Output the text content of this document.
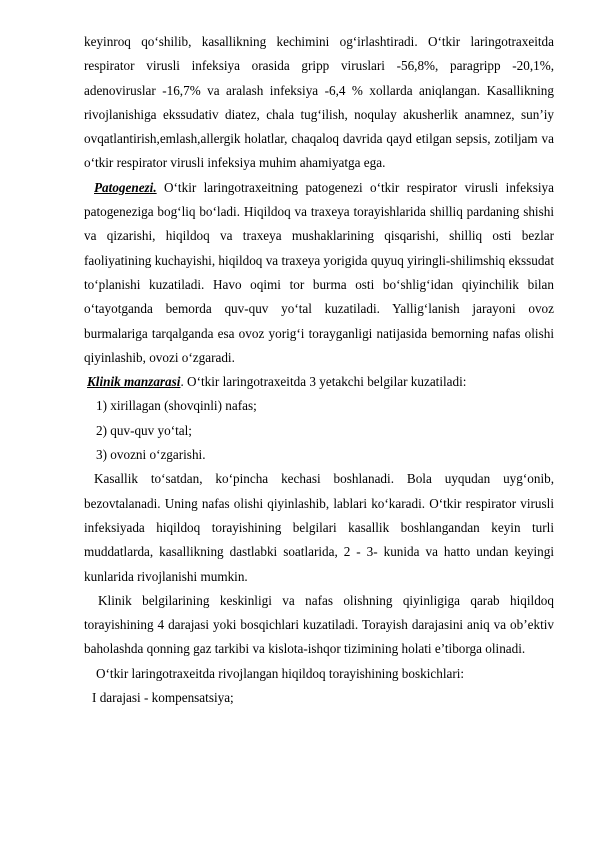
keyinroq qo‘shilib, kasallikning kechimini og‘irlashtiradi. O‘tkir laringotraxeitda respirator virusli infeksiya orasida gripp viruslari -56,8%, paragripp -20,1%, adenoviruslar -16,7% va aralash infeksiya -6,4 % xollarda aniqlangan. Kasallikning rivojlanishiga ekssudativ diatez, chala tug‘ilish, noqulay akusherlik anamnez, sun’iy ovqatlantirish,emlash,allergik holatlar, chaqaloq davrida qayd etilgan sepsis, zotiljam va o‘tkir respirator virusli infeksiya muhim ahamiyatga ega.

Patogenezi. O‘tkir laringotraxeitning patogenezi o‘tkir respirator virusli infeksiya patogeneziga bog‘liq bo‘ladi. Hiqildoq va traxeya torayishlarida shilliq pardaning shishi va qizarishi, hiqildoq va traxeya mushaklarining qisqarishi, shilliq osti bezlar faoliyatining kuchayishi, hiqildoq va traxeya yorigida quyuq yiringli-shilimshiq ekssudat to‘planishi kuzatiladi. Havo oqimi tor burma osti bo‘shlig‘idan qiyinchilik bilan o‘tayotganda bemorda quv-quv yo‘tal kuzatiladi. Yallig‘lanish jarayoni ovoz burmalariga tarqalganda esa ovoz yorig‘i torayganligi natijasida bemorning nafas olishi qiyinlashib, ovozi o‘zgaradi.

Klinik manzarasi. O‘tkir laringotraxeitda 3 yetakchi belgilar kuzatiladi:

1) xirillagan (shovqinli) nafas;

2) quv-quv yo‘tal;

3) ovozni o‘zgarishi.

Kasallik to‘satdan, ko‘pincha kechasi boshlanadi. Bola uyqudan uyg‘onib, bezovtalanadi. Uning nafas olishi qiyinlashib, lablari ko‘karadi. O‘tkir respirator virusli infeksiyada hiqildoq torayishining belgilari kasallik boshlangandan keyin turli muddatlarda, kasallikning dastlabki soatlarida, 2 - 3- kunida va hatto undan keyingi kunlarida rivojlanishi mumkin.

Klinik belgilarining keskinligi va nafas olishning qiyinligiga qarab hiqildoq torayishining 4 darajasi yoki bosqichlari kuzatiladi. Torayish darajasini aniq va ob’ektiv baholashda qonning gaz tarkibi va kislota-ishqor tizimining holati e’tiborga olinadi.

O‘tkir laringotraxeitda rivojlangan hiqildoq torayishining boskichlari:

I darajasi - kompensatsiya;
